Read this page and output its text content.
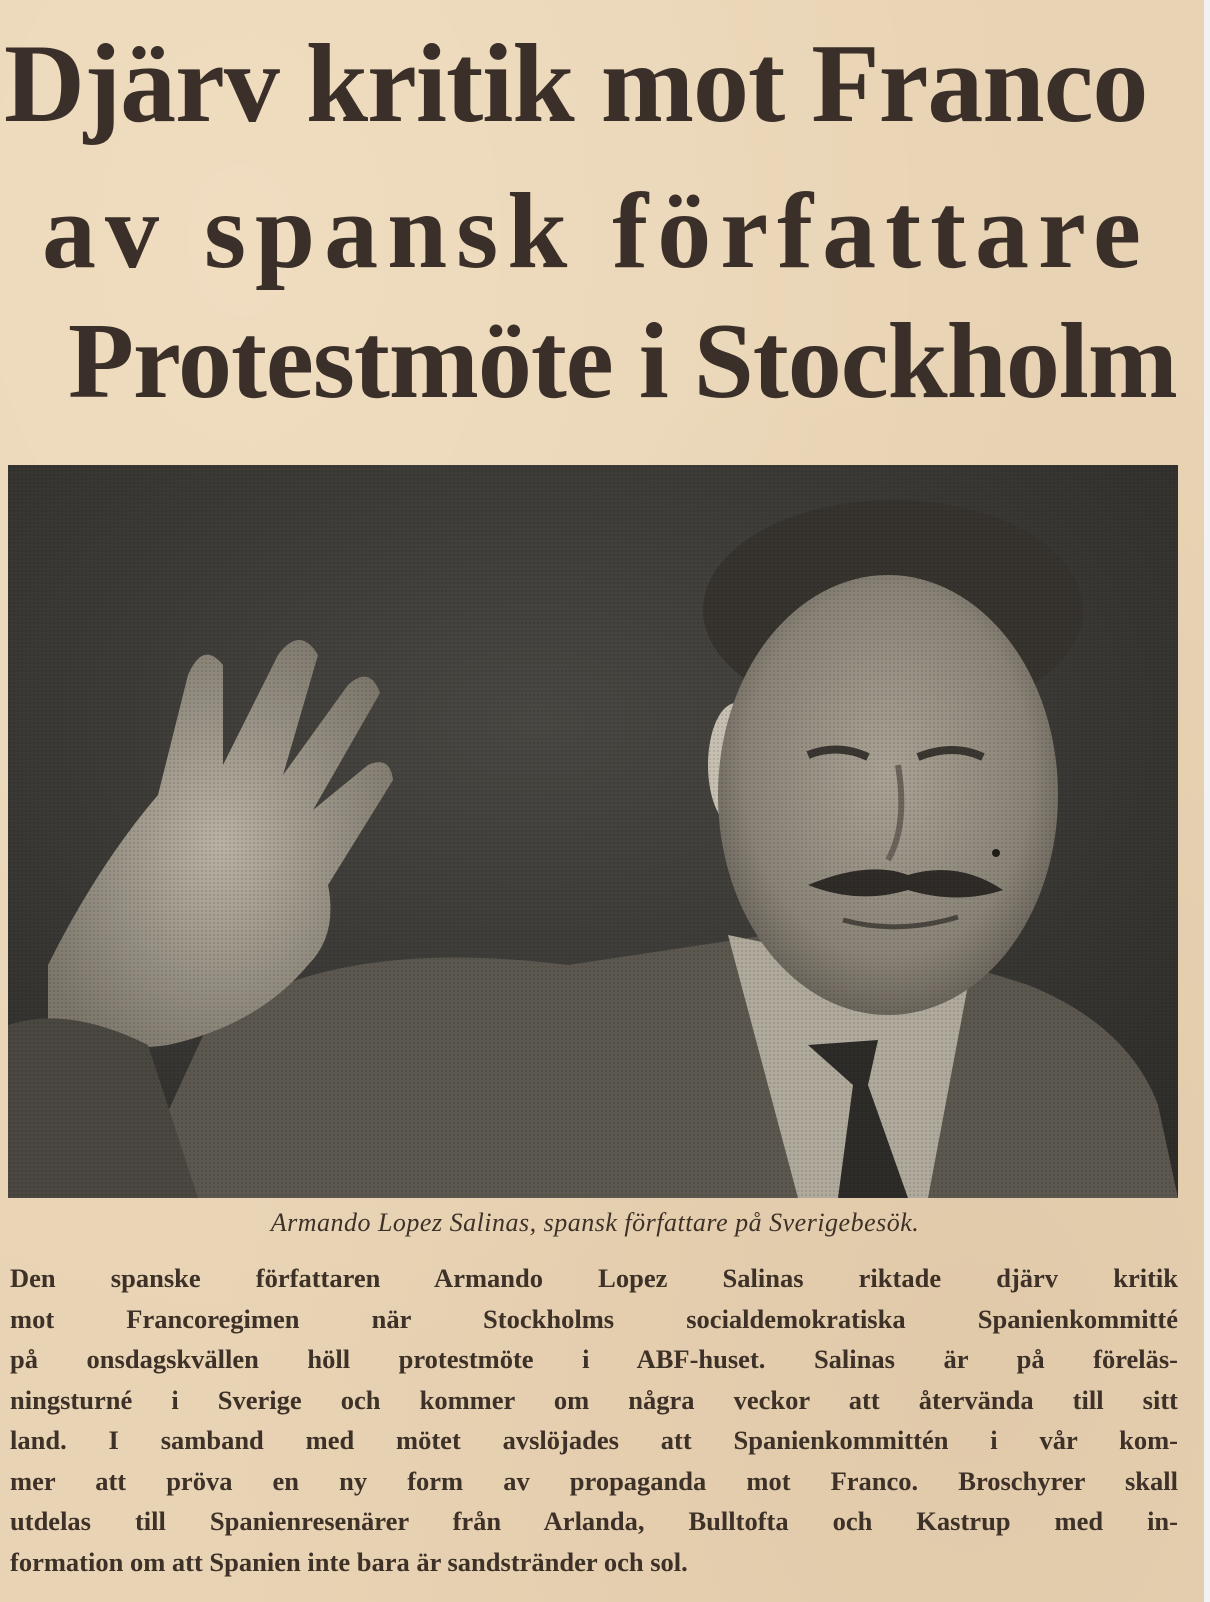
Djärv kritik mot Franco
av spansk författare
Protestmöte i Stockholm
Armando Lopez Salinas, spansk författare på Sverigebesök.
Den spanske författaren Armando Lopez Salinas riktade djärv kritik
mot Francoregimen när Stockholms socialdemokratiska Spanienkommitté
på onsdagskvällen höll protestmöte i ABF-huset. Salinas är på föreläs-
ningsturné i Sverige och kommer om några veckor att återvända till sitt
land. I samband med mötet avslöjades att Spanienkommittén i vår kom-
mer att pröva en ny form av propaganda mot Franco. Broschyrer skall
utdelas till Spanienresenärer från Arlanda, Bulltofta och Kastrup med in-
formation om att Spanien inte bara är sandstränder och sol.
